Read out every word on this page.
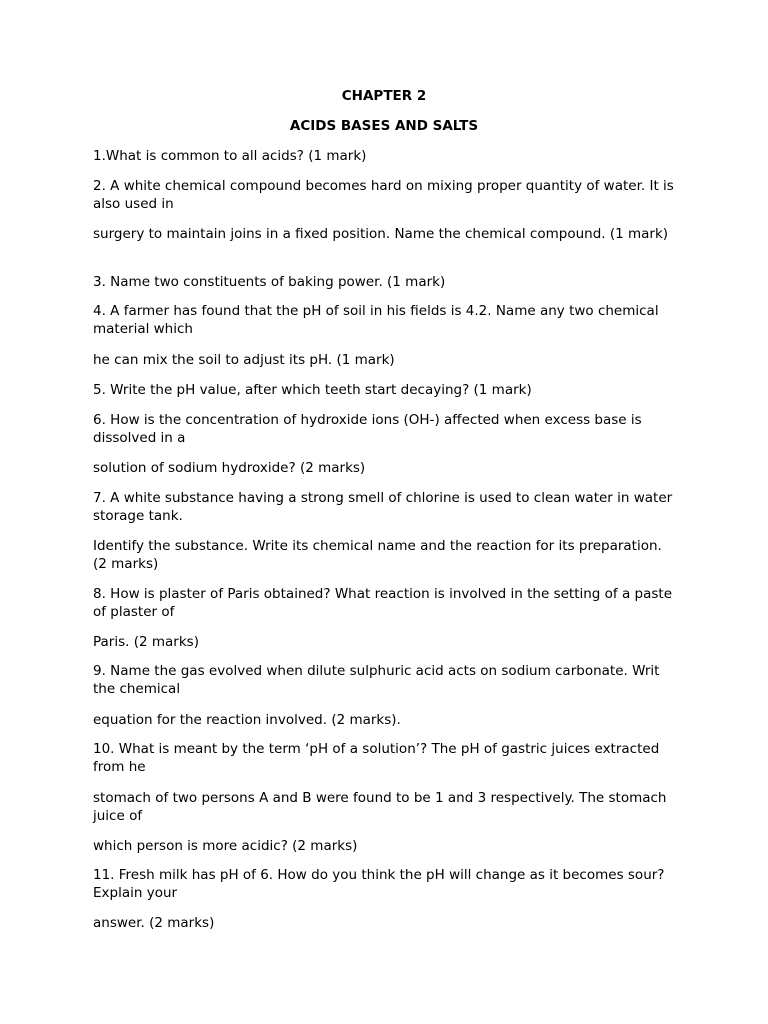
CHAPTER 2
ACIDS BASES AND SALTS

1.What is common to all acids? (1 mark)

2. A white chemical compound becomes hard on mixing proper quantity of water. It is also used in

surgery to maintain joins in a fixed position. Name the chemical compound. (1 mark)

3. Name two constituents of baking power. (1 mark)

4. A farmer has found that the pH of soil in his fields is 4.2. Name any two chemical material which

he can mix the soil to adjust its pH. (1 mark)

5. Write the pH value, after which teeth start decaying? (1 mark)

6. How is the concentration of hydroxide ions (OH-) affected when excess base is dissolved in a

solution of sodium hydroxide? (2 marks)

7. A white substance having a strong smell of chlorine is used to clean water in water storage tank.

Identify the substance. Write its chemical name and the reaction for its preparation. (2 marks)

8. How is plaster of Paris obtained? What reaction is involved in the setting of a paste of plaster of

Paris. (2 marks)

9. Name the gas evolved when dilute sulphuric acid acts on sodium carbonate. Writ the chemical

equation for the reaction involved. (2 marks).

10. What is meant by the term ‘pH of a solution’? The pH of gastric juices extracted from he

stomach of two persons A and B were found to be 1 and 3 respectively. The stomach juice of

which person is more acidic? (2 marks)

11. Fresh milk has pH of 6. How do you think the pH will change as it becomes sour? Explain your

answer. (2 marks)
